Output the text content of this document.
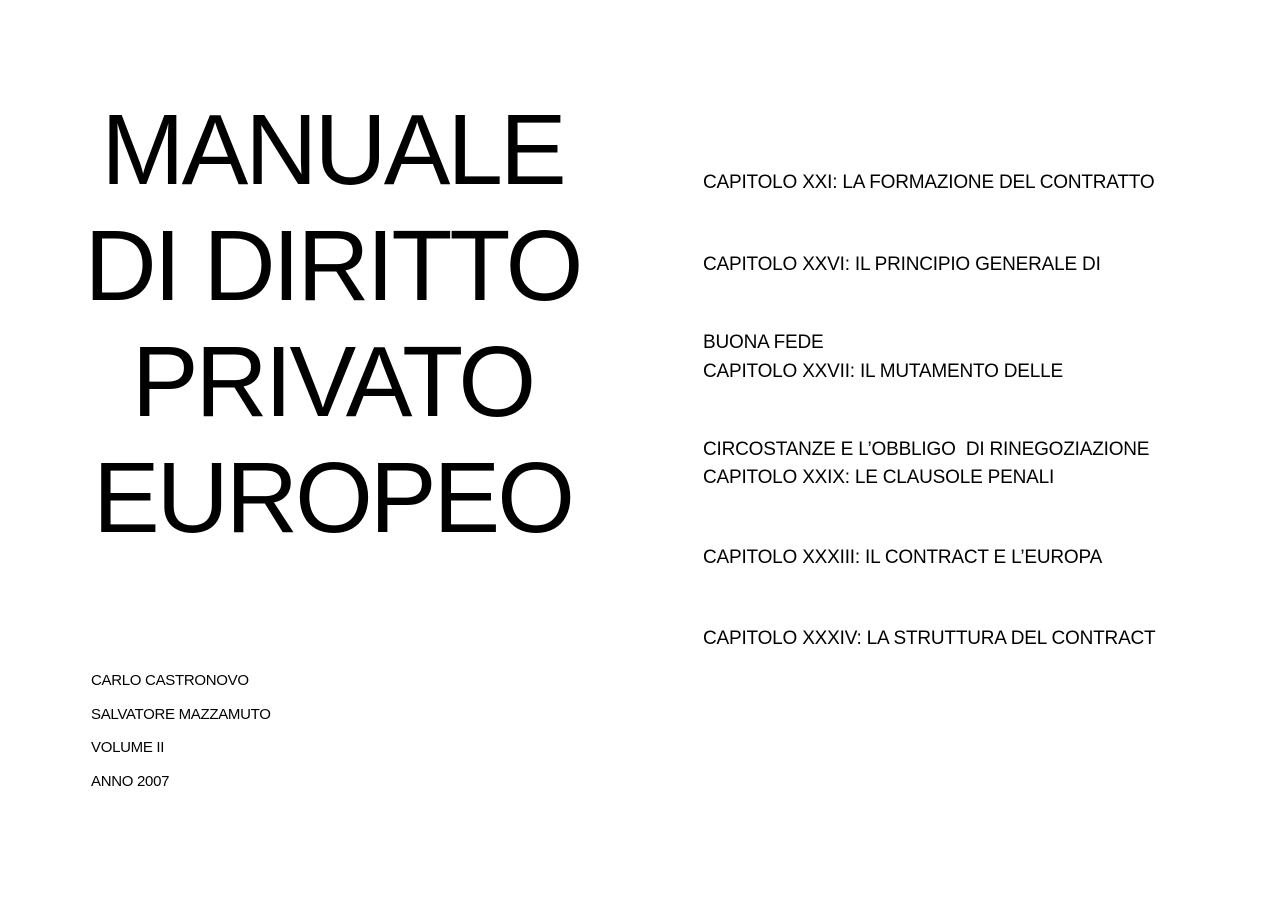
MANUALE
DI DIRITTO
PRIVATO
EUROPEO

CAPITOLO XXI: LA FORMAZIONE DEL CONTRATTO

CAPITOLO XXVI: IL PRINCIPIO GENERALE DI

BUONA FEDE

CAPITOLO XXVII: IL MUTAMENTO DELLE

CIRCOSTANZE E L’OBBLIGO  DI RINEGOZIAZIONE

CAPITOLO XXIX: LE CLAUSOLE PENALI

CAPITOLO XXXIII: IL CONTRACT E L’EUROPA

CAPITOLO XXXIV: LA STRUTTURA DEL CONTRACT

CARLO CASTRONOVO
SALVATORE MAZZAMUTO
VOLUME II
ANNO 2007
